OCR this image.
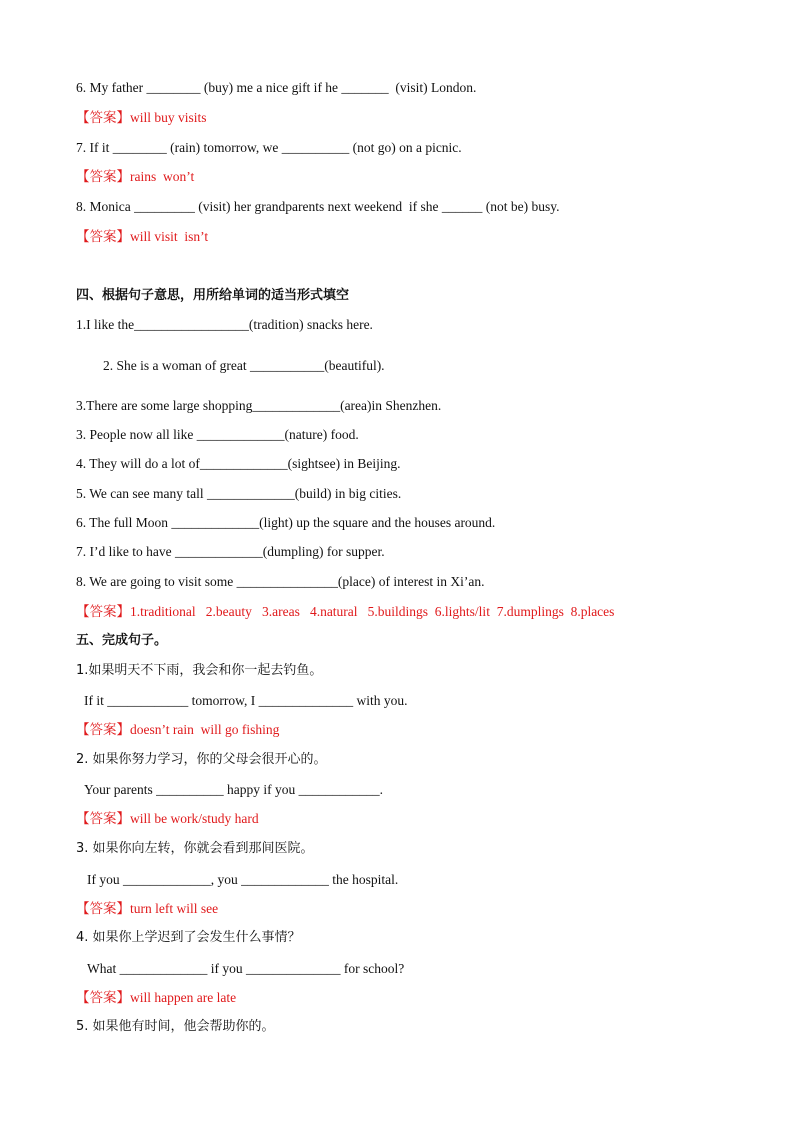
6. My father ________ (buy) me a nice gift if he _______  (visit) London.
【答案】will buy visits
7. If it ________ (rain) tomorrow, we __________ (not go) on a picnic.
【答案】rains  won’t
8. Monica _________ (visit) her grandparents next weekend  if she ______ (not be) busy.
【答案】will visit  isn’t
四、根据句子意思，用所给单词的适当形式填空
1.I like the_________________(tradition) snacks here.
2. She is a woman of great ___________(beautiful).
3.There are some large shopping_____________(area)in Shenzhen.
3. People now all like _____________(nature) food.
4. They will do a lot of_____________(sightsee) in Beijing.
5. We can see many tall _____________(build) in big cities.
6. The full Moon _____________(light) up the square and the houses around.
7. I’d like to have _____________(dumpling) for supper.
8. We are going to visit some _______________(place) of interest in Xi’an.
【答案】1.traditional   2.beauty   3.areas   4.natural   5.buildings  6.lights/lit  7.dumplings  8.places
五、完成句子。
1.如果明天不下雨，我会和你一起去钓鱼。
If it ____________ tomorrow, I ______________ with you.
【答案】doesn’t rain  will go fishing
2. 如果你努力学习，你的父母会很开心的。
Your parents __________ happy if you ____________.
【答案】will be work/study hard
3. 如果你向左转，你就会看到那间医院。
If you _____________, you _____________ the hospital.
【答案】turn left will see
4. 如果你上学迟到了会发生什么事情？
What _____________ if you ______________ for school?
【答案】will happen are late
5. 如果他有时间，他会帮助你的。
